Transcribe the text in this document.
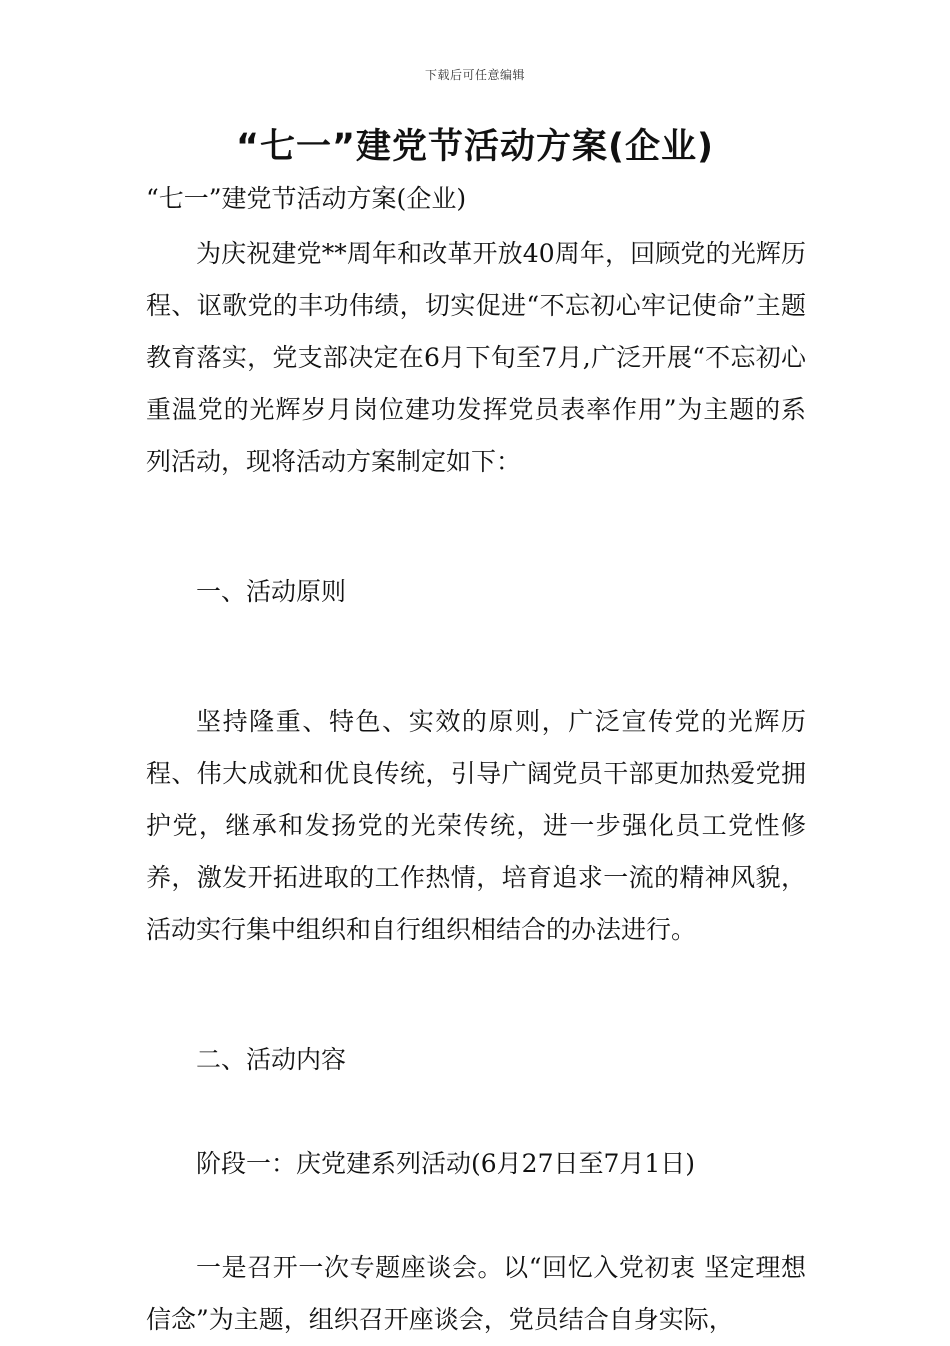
下载后可任意编辑
“七一”建党节活动方案(企业)

“七一”建党节活动方案(企业)

为庆祝建党**周年和改革开放40周年，回顾党的光辉历程、讴歌党的丰功伟绩，切实促进“不忘初心牢记使命”主题教育落实，党支部决定在6月下旬至7月,广泛开展“不忘初心重温党的光辉岁月岗位建功发挥党员表率作用”为主题的系列活动，现将活动方案制定如下：

一、活动原则

坚持隆重、特色、实效的原则，广泛宣传党的光辉历程、伟大成就和优良传统，引导广阔党员干部更加热爱党拥护党，继承和发扬党的光荣传统，进一步强化员工党性修养，激发开拓进取的工作热情，培育追求一流的精神风貌，活动实行集中组织和自行组织相结合的办法进行。

二、活动内容

阶段一：庆党建系列活动(6月27日至7月1日)

一是召开一次专题座谈会。以“回忆入党初衷 坚定理想信念”为主题，组织召开座谈会，党员结合自身实际，
